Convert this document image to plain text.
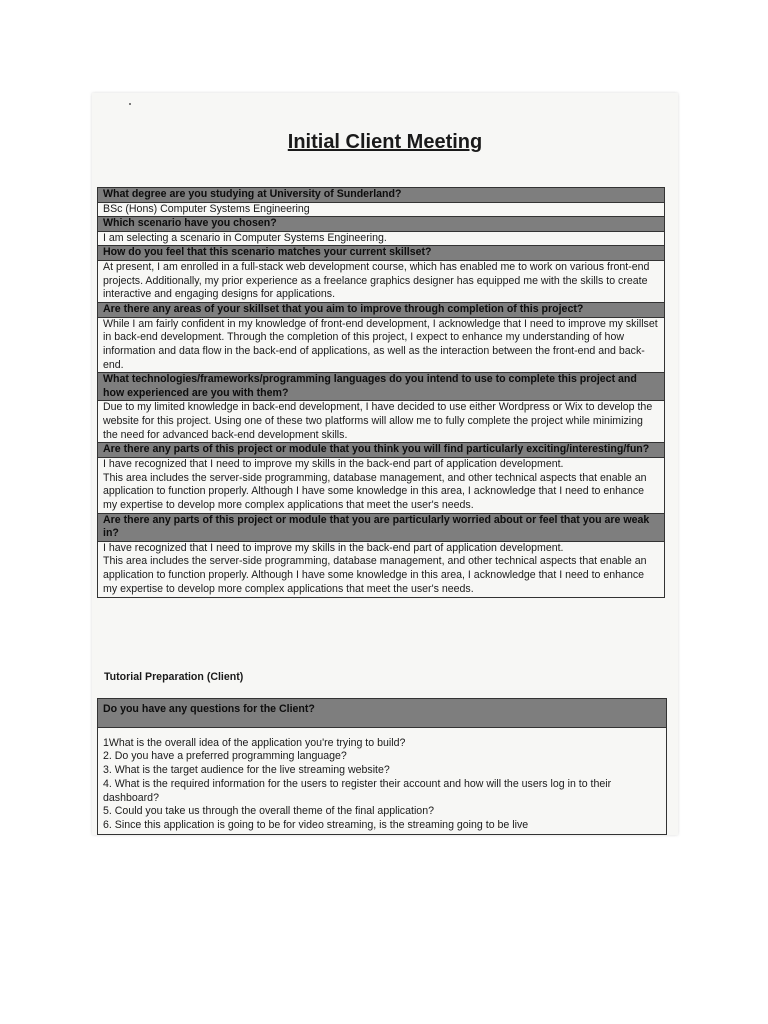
Initial Client Meeting
What degree are you studying at University of Sunderland?

BSc (Hons) Computer Systems Engineering

Which scenario have you chosen?

I am selecting a scenario in Computer Systems Engineering.

How do you feel that this scenario matches your current skillset?

At present, I am enrolled in a full-stack web development course, which has enabled me to work on various front-end projects. Additionally, my prior experience as a freelance graphics designer has equipped me with the skills to create interactive and engaging designs for applications.

Are there any areas of your skillset that you aim to improve through completion of this project?

While I am fairly confident in my knowledge of front-end development, I acknowledge that I need to improve my skillset in back-end development. Through the completion of this project, I expect to enhance my understanding of how information and data flow in the back-end of applications, as well as the interaction between the front-end and back-end.

What technologies/frameworks/programming languages do you intend to use to complete this project and how experienced are you with them?

Due to my limited knowledge in back-end development, I have decided to use either Wordpress or Wix to develop the website for this project. Using one of these two platforms will allow me to fully complete the project while minimizing the need for advanced back-end development skills.

Are there any parts of this project or module that you think you will find particularly exciting/interesting/fun?

I have recognized that I need to improve my skills in the back-end part of application development.

This area includes the server-side programming, database management, and other technical aspects that enable an application to function properly. Although I have some knowledge in this area, I acknowledge that I need to enhance my expertise to develop more complex applications that meet the user's needs.

Are there any parts of this project or module that you are particularly worried about or feel that you are weak in?

I have recognized that I need to improve my skills in the back-end part of application development.

This area includes the server-side programming, database management, and other technical aspects that enable an application to function properly. Although I have some knowledge in this area, I acknowledge that I need to enhance my expertise to develop more complex applications that meet the user's needs.

Tutorial Preparation (Client)
Do you have any questions for the Client?

1What is the overall idea of the application you're trying to build?

2. Do you have a preferred programming language?

3. What is the target audience for the live streaming website?

4. What is the required information for the users to register their account and how will the users log in to their dashboard?

5. Could you take us through the overall theme of the final application?

6. Since this application is going to be for video streaming, is the streaming going to be live
